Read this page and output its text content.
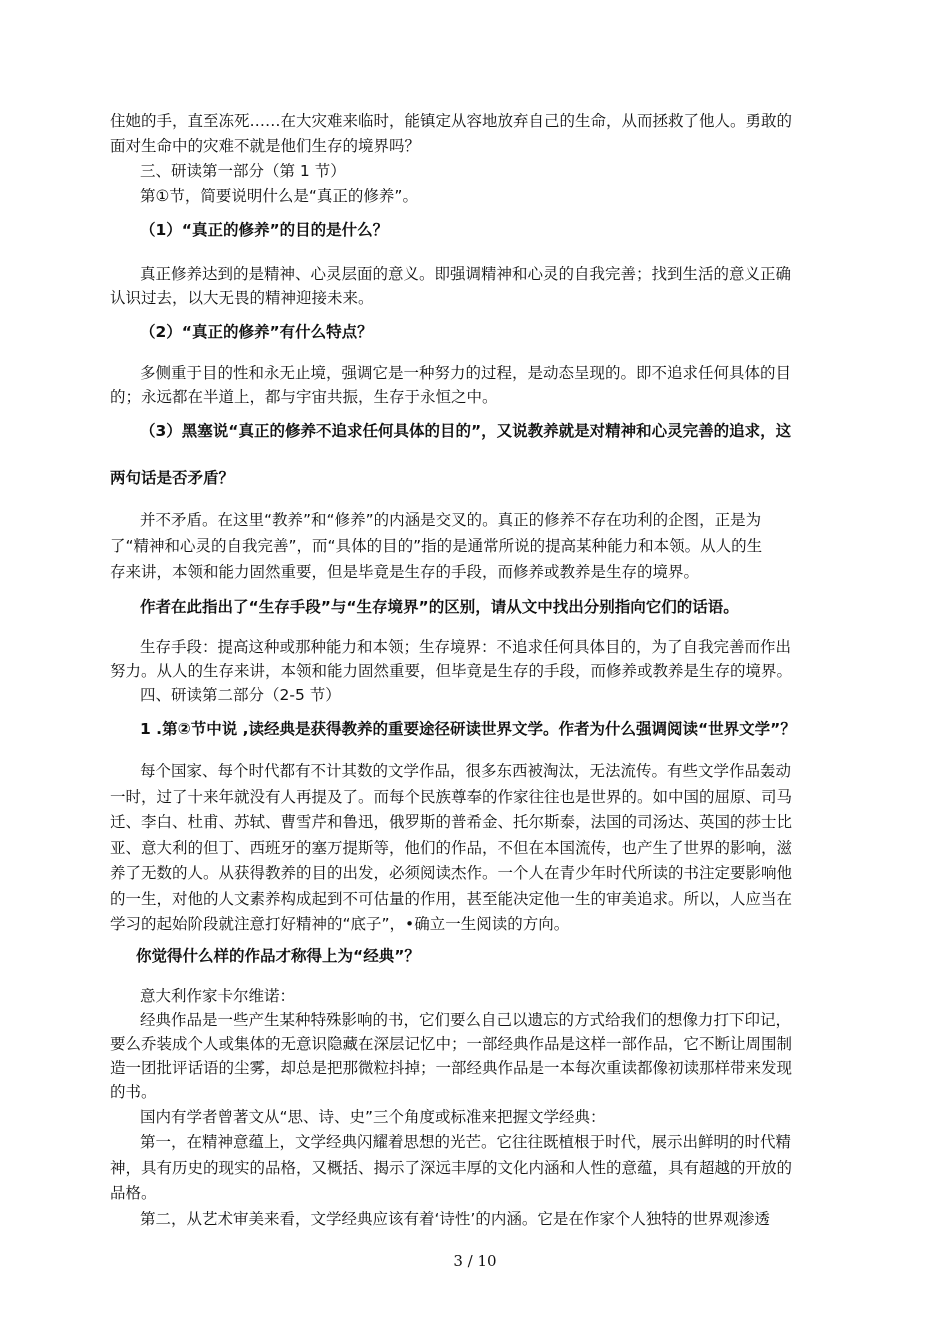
住她的手，直至冻死……在大灾难来临时，能镇定从容地放弃自己的生命，从而拯救了他人。勇敢的
面对生命中的灾难不就是他们生存的境界吗？
三、研读第一部分（第 1 节）
第①节，简要说明什么是“真正的修养”。
（1）“真正的修养”的目的是什么？
真正修养达到的是精神、心灵层面的意义。即强调精神和心灵的自我完善；找到生活的意义正确
认识过去，以大无畏的精神迎接未来。
（2）“真正的修养”有什么特点？
多侧重于目的性和永无止境，强调它是一种努力的过程，是动态呈现的。即不追求任何具体的目
的；永远都在半道上，都与宇宙共振，生存于永恒之中。
（3）黑塞说“真正的修养不追求任何具体的目的”，又说教养就是对精神和心灵完善的追求，这
两句话是否矛盾？
并不矛盾。在这里“教养”和“修养”的内涵是交叉的。真正的修养不存在功利的企图，正是为
了“精神和心灵的自我完善”，而“具体的目的”指的是通常所说的提高某种能力和本领。从人的生
存来讲，本领和能力固然重要，但是毕竟是生存的手段，而修养或教养是生存的境界。
作者在此指出了“生存手段”与“生存境界”的区别，请从文中找出分别指向它们的话语。
生存手段：提高这种或那种能力和本领；生存境界：不追求任何具体目的，为了自我完善而作出
努力。从人的生存来讲，本领和能力固然重要，但毕竟是生存的手段，而修养或教养是生存的境界。
四、研读第二部分（2-5 节）
1 .第②节中说 ,读经典是获得教养的重要途径研读世界文学。作者为什么强调阅读“世界文学”？
每个国家、每个时代都有不计其数的文学作品，很多东西被淘汰，无法流传。有些文学作品轰动
一时，过了十来年就没有人再提及了。而每个民族尊奉的作家往往也是世界的。如中国的屈原、司马
迁、李白、杜甫、苏轼、曹雪芹和鲁迅，俄罗斯的普希金、托尔斯泰，法国的司汤达、英国的莎士比
亚、意大利的但丁、西班牙的塞万提斯等，他们的作品，不但在本国流传，也产生了世界的影响，滋
养了无数的人。从获得教养的目的出发，必须阅读杰作。一个人在青少年时代所读的书注定要影响他
的一生，对他的人文素养构成起到不可估量的作用，甚至能决定他一生的审美追求。所以，人应当在
学习的起始阶段就注意打好精神的“底子”，•确立一生阅读的方向。
你觉得什么样的作品才称得上为“经典”？
意大利作家卡尔维诺：
经典作品是一些产生某种特殊影响的书，它们要么自己以遗忘的方式给我们的想像力打下印记，
要么乔装成个人或集体的无意识隐藏在深层记忆中；一部经典作品是这样一部作品，它不断让周围制
造一团批评话语的尘雾，却总是把那微粒抖掉；一部经典作品是一本每次重读都像初读那样带来发现
的书。
国内有学者曾著文从“思、诗、史”三个角度或标准来把握文学经典：
第一，在精神意蕴上，文学经典闪耀着思想的光芒。它往往既植根于时代，展示出鲜明的时代精
神，具有历史的现实的品格，又概括、揭示了深远丰厚的文化内涵和人性的意蕴，具有超越的开放的
品格。
第二，从艺术审美来看，文学经典应该有着‘诗性’的内涵。它是在作家个人独特的世界观渗透
3 / 10
